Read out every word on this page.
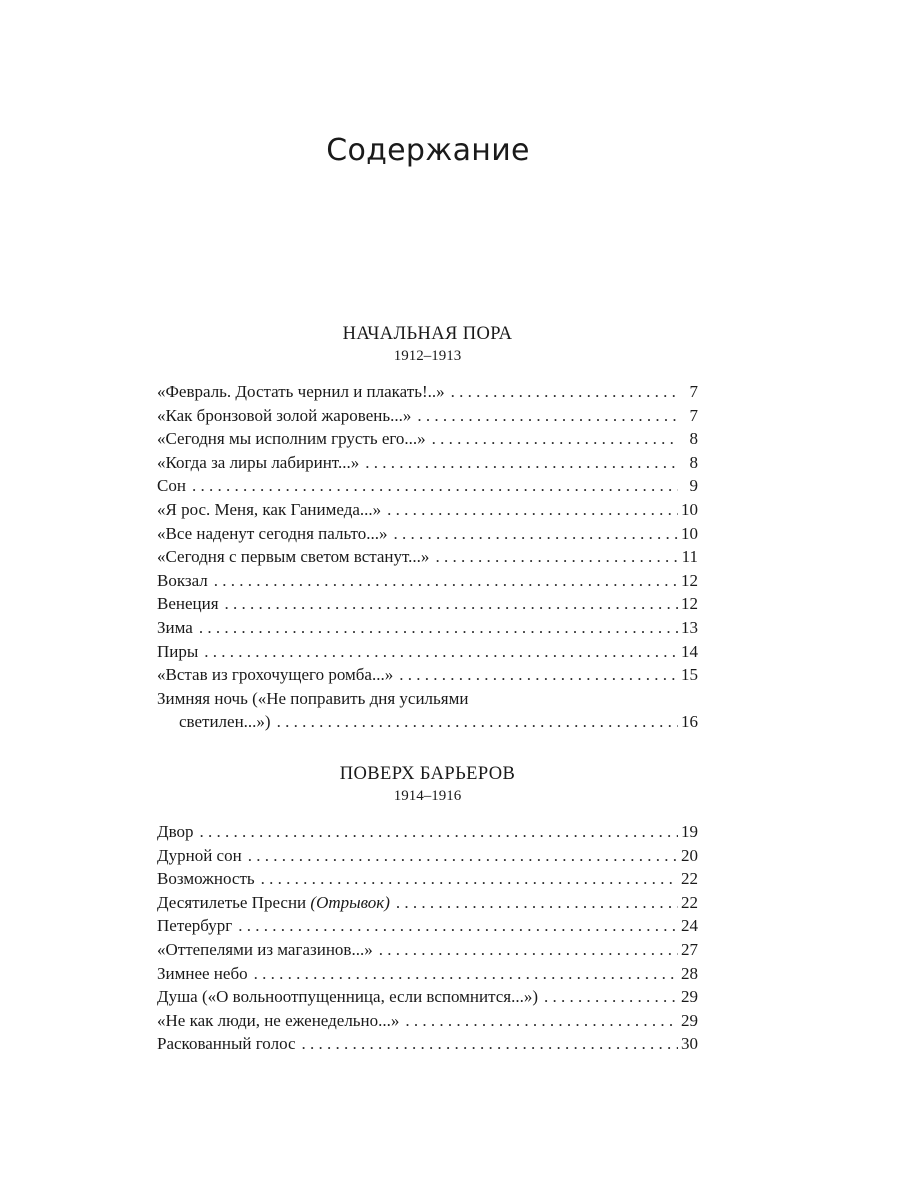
Содержание
НАЧАЛЬНАЯ ПОРА
1912–1913
«Февраль. Достать чернил и плакать!..» . . .	7
«Как бронзовой золой жаровень...» . . .	7
«Сегодня мы исполним грусть его...» . . .	8
«Когда за лиры лабиринт...» . . .	8
Сон . . .	9
«Я рос. Меня, как Ганимеда...» . . .	10
«Все наденут сегодня пальто...» . . .	10
«Сегодня с первым светом встанут...» . . .	11
Вокзал . . .	12
Венеция . . .	12
Зима . . .	13
Пиры . . .	14
«Встав из грохочущего ромба...» . . .	15
Зимняя ночь («Не поправить дня усильями
светилен...») . . .	16
ПОВЕРХ БАРЬЕРОВ
1914–1916
Двор . . .	19
Дурной сон . . .	20
Возможность . . .	22
Десятилетье Пресни (Отрывок) . . .	22
Петербург . . .	24
«Оттепелями из магазинов...» . . .	27
Зимнее небо . . .	28
Душа («О вольноотпущенница, если вспомнится...») . . .	29
«Не как люди, не еженедельно...» . . .	29
Раскованный голос . . .	30
